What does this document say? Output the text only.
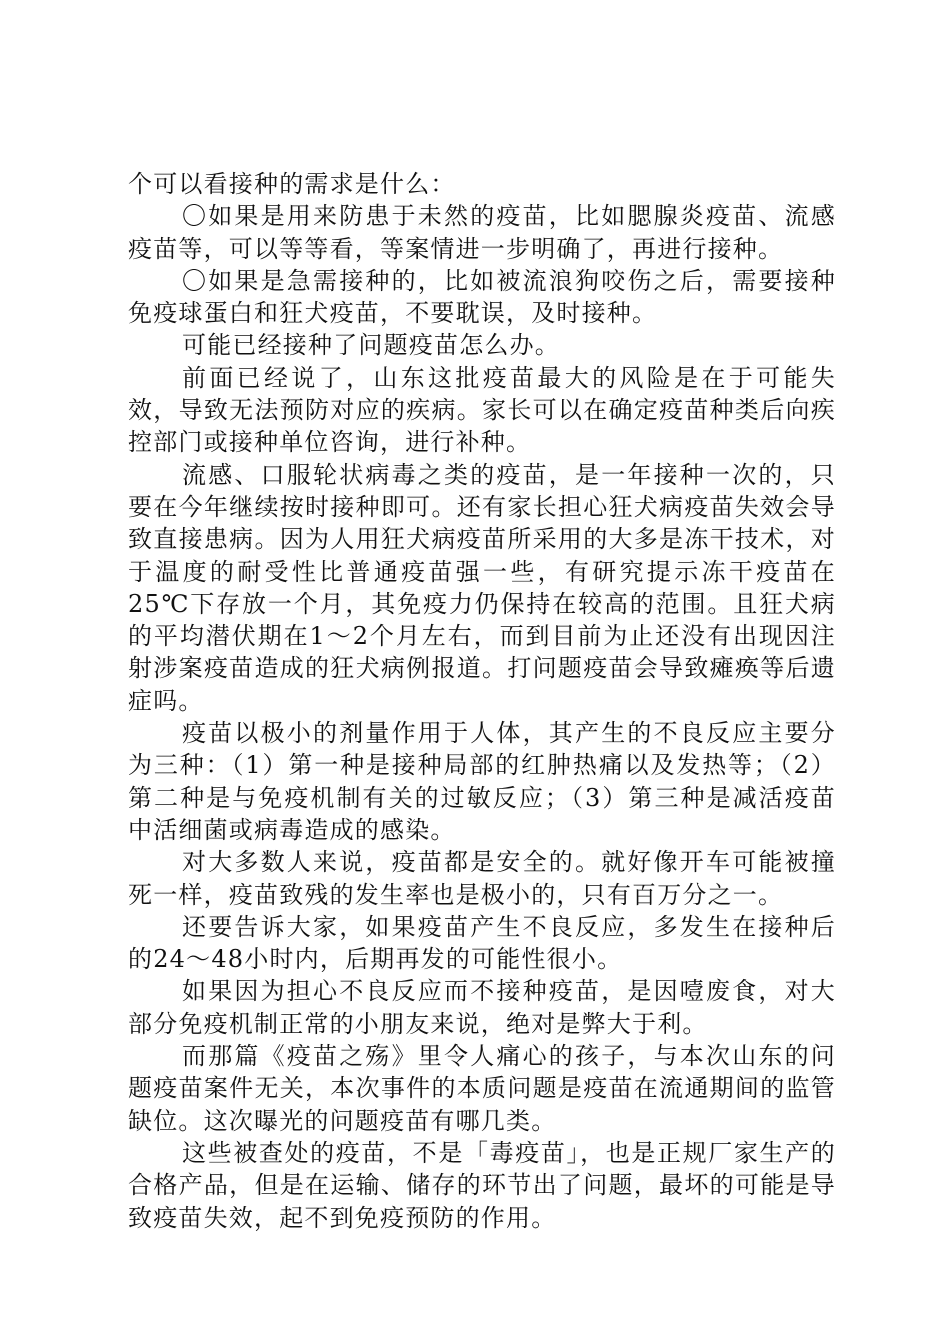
个可以看接种的需求是什么：

〇如果是用来防患于未然的疫苗，比如腮腺炎疫苗、流感疫苗等，可以等等看，等案情进一步明确了，再进行接种。

〇如果是急需接种的，比如被流浪狗咬伤之后，需要接种免疫球蛋白和狂犬疫苗，不要耽误，及时接种。

可能已经接种了问题疫苗怎么办。

前面已经说了，山东这批疫苗最大的风险是在于可能失效，导致无法预防对应的疾病。家长可以在确定疫苗种类后向疾控部门或接种单位咨询，进行补种。

流感、口服轮状病毒之类的疫苗，是一年接种一次的，只要在今年继续按时接种即可。还有家长担心狂犬病疫苗失效会导致直接患病。因为人用狂犬病疫苗所采用的大多是冻干技术，对于温度的耐受性比普通疫苗强一些，有研究提示冻干疫苗在25℃下存放一个月，其免疫力仍保持在较高的范围。且狂犬病的平均潜伏期在1～2个月左右，而到目前为止还没有出现因注射涉案疫苗造成的狂犬病例报道。打问题疫苗会导致瘫痪等后遗症吗。

疫苗以极小的剂量作用于人体，其产生的不良反应主要分为三种：（1）第一种是接种局部的红肿热痛以及发热等；（2）第二种是与免疫机制有关的过敏反应；（3）第三种是减活疫苗中活细菌或病毒造成的感染。

对大多数人来说，疫苗都是安全的。就好像开车可能被撞死一样，疫苗致残的发生率也是极小的，只有百万分之一。

还要告诉大家，如果疫苗产生不良反应，多发生在接种后的24～48小时内，后期再发的可能性很小。

如果因为担心不良反应而不接种疫苗，是因噎废食，对大部分免疫机制正常的小朋友来说，绝对是弊大于利。

而那篇《疫苗之殇》里令人痛心的孩子，与本次山东的问题疫苗案件无关，本次事件的本质问题是疫苗在流通期间的监管缺位。这次曝光的问题疫苗有哪几类。

这些被查处的疫苗，不是「毒疫苗」，也是正规厂家生产的合格产品，但是在运输、储存的环节出了问题，最坏的可能是导致疫苗失效，起不到免疫预防的作用。
